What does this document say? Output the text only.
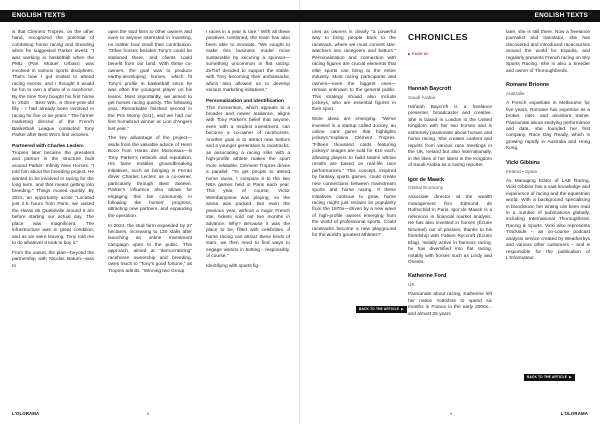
ENGLISH TEXTS

is that Clément Tropres, on the other hand, recognized the potential of combining horse racing and breeding when he suggested Parker invest. "I was working in basketball when the PMU (Pari Mutuel Urbain) was involved in various sports disciplines. That's how I got invited to attend racing events, and I thought it would be fun to own a share of a racehorse. By the time Tony bought his first horse in 2020 - Best Win, a three-year-old filly - I had already been involved in racing for five or six years." The former marketing director of the French Basketball League contacted Tony Parker after Best Win's first victories.

Partnered with Charles Leclerc

Tropres later became the president and partner in the structure built around Parker: Infinity Nine Horses. "I told him about the breeding project. He wanted to be involved in racing for the long term, and that meant getting into breeding." Things moved quickly. By 2021, an opportunity arose "Located just 2.5 hours from Paris, we visited the Haras de Quétiéville around 6 am before starting our actual day. The place was magnificent. The infrastructure was in great condition, and as we were leaving, Tony told me to do whatever it took to buy it."

From the outset, the plan—beyond the partnership with Nicolas Batum—was to

open the stud farm to other owners and even to anyone interested in investing, no matter how small their contribution. "Other horses besides Tony's could be stationed there, and clients could benefit from our land. With these co-owners, the goal was to produce earthy-developing horses, which fit Tony's profile in basketball since he was often the youngest player on his teams. Most importantly, we aimed to get horses racing quickly. The following year, Remarkable finished second in the Prix Morny (Gr1), and we had our first homebred winner at Lion d'Angers last year."

The key advantage of the project—aside from the valuable advice of Henri Bozo from Haras des Monceaux—is Tony Parker's network and reputation. His fame enables groundbreaking initiatives, such as bringing in Ferrari driver Charles Leclerc as a co-owner, particularly through Best Sixteen. Parker's influence also allows for engaging this fan community in following the horses' progress, attracting new partners, and expanding the operation.

In 2024, the stud farm expanded by 27 hectares, increasing to 120 stalls after launching an online investment campaign open to the public. This approach, aimed at "democratizing" racehorse ownership and breeding, owes much to "Tony's good fortune," as Tropres admits. "Winning two Group

I races in a year is rare." With all these positives combined, the team has also been able to innovate. "We sought to make this business model more sustainable by securing a sponsor—something uncommon in flat racing. ZeTurf decided to support the stable, with Tony becoming their ambassador, which also allowed us to develop various marketing initiatives."

Personalization and identification

This momentum, which appeals to a broader and newer audience, aligns with Tony Parker's belief that anyone, even with a modest investment, can become a co-owner of racehorses. Another goal is to attract new bettors and a younger generation to racetracks, as associating a racing silks with a high-profile athlete makes the sport more relatable. Clément Tropres drives a parallel: "To get people to attend horse races, I compare it to the two NBA games held in Paris each year. This year, of course, Victor Wembanyama was playing, so the arena was packed. But even the previous year, without a major French star, tickets sold out two months in advance. Why? Because it was the place to be, filled with celebrities. If horse racing can attract these kinds of stars, we then need to find ways to engage visitors in betting - responsibly, of course."

Identifying with sports fig-

L'OLORAMA	8
ENGLISH TEXTS

ures as owners is clearly "a powerful way to bring people back to the racetrack, where we must convert star-watchers into racegoers and bettors." Personalization and connection with racing figures are crucial elements that elite sports can bring to the entire industry. Most racing participants and owners—even the biggest ones—remain unknown to the general public. This strategy should also include jockeys, who are essential figures in their sport.

More ideas are emerging. "We've invested in a startup called Jockey, an online card game that highlights jockeys,"explains Clément Tropres. "Fifteen thousand cards featuring jockeys' images are sold for €10 each, allowing players to build teams whose results are based on real-life race performances." This concept, inspired by fantasy sports games, could create new connections between mainstream sports and horse racing. If these initiatives continue to grow, horse racing might just reclaim its popularity from the 1970s—driven by a new wave of high-profile owners emerging from the world of professional sports. Could racetracks become a new playground for the world's greatest athletes?

BACK TO THE ARTICLE ▶
CHRONICLES
▶ PAGE 62

Hannah Baycroft

Saudi Arabia

Hannah Baycroft is a freelance presenter, broadcaster and creative. She is based in London in the United Kingdom with her two horses and is extremely passionate about horses and horse racing. She creates content and reports from various race meetings in the UK, Ireland but also internationally, in the likes of her latest in the Kingdom of Saudi Arabia as a roving reporter.

Igor de Maack

Global Economy

Associate director at the wealth management firm Edmond de Rothschild in Paris, Igor de Maack is a reference in financial market analysis. He has also invested in horses (Écurie Nineinel) out of passion, thanks to his friendship with Fabien Ryccroft (Écurie Elag). Initially active in harness racing, he has diversified into flat racing, notably with horses such as Lindy and Onesto.

Katherine Ford

UK

Passionate about racing, Katherine left her native Yorkshire to spend six months in France in the early 2000s... and almost 25 years

later, she is still there. Now a freelance journalist and translator, she has discovered and introduced racecourses around the world for Equidia, and regularly presents French racing on Sky Sports Racing. She is also a breeder and owner of Thoroughbreds.

Romane Brionne

Australie

A French expatriate in Melbourne for five years, Romane has expertise as a broker, rider, and assistant trainer. Passionate about studying performance and data, she founded her first company, Race Day Ready, which is growing rapidly in Australia and Hong Kong.

Vicki Gibbins

Ireland • Spain

As Managing Editor of LAB Racing, Vicki Gibbins has a vast knowledge and experience of racing and the equestrian world. With a background specialising in bloodstock, her writing can been read in a number of publications globally, including International Thoroughbred, Racing & Sports. Vicki also represents Trackside – an on-course podcast analysis service created by Weatherbys and various other customers – and is responsible for the publication of L'Informateur.

BACK TO THE ARTICLE ▶
L'OLORAMA
9
